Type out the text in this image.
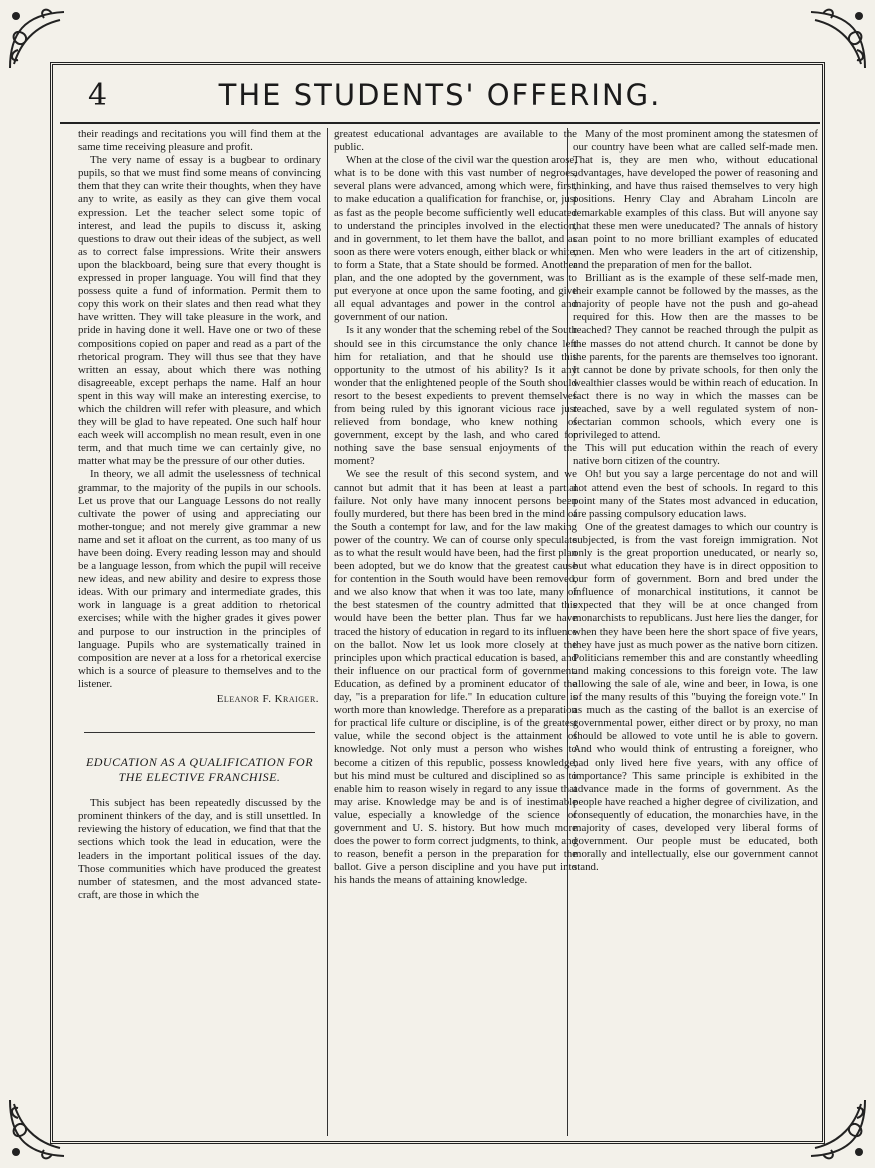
4	THE STUDENTS' OFFERING.

their readings and recitations you will find them at the same time receiving pleasure and profit.

The very name of essay is a bugbear to ordinary pupils, so that we must find some means of convincing them that they can write their thoughts, when they have any to write, as easily as they can give them vocal expression. Let the teacher select some topic of interest, and lead the pupils to discuss it, asking questions to draw out their ideas of the subject, as well as to correct false impressions. Write their answers upon the blackboard, being sure that every thought is expressed in proper language. You will find that they possess quite a fund of information. Permit them to copy this work on their slates and then read what they have written. They will take pleasure in the work, and pride in having done it well. Have one or two of these compositions copied on paper and read as a part of the rhetorical program. They will thus see that they have written an essay, about which there was nothing disagreeable, except perhaps the name. Half an hour spent in this way will make an interesting exercise, to which the children will refer with pleasure, and which they will be glad to have repeated. One such half hour each week will accomplish no mean result, even in one term, and that much time we can certainly give, no matter what may be the pressure of our other duties.

In theory, we all admit the uselessness of technical grammar, to the majority of the pupils in our schools. Let us prove that our Language Lessons do not really cultivate the power of using and appreciating our mother-tongue; and not merely give grammar a new name and set it afloat on the current, as too many of us have been doing. Every reading lesson may and should be a language lesson, from which the pupil will receive new ideas, and new ability and desire to express those ideas. With our primary and intermediate grades, this work in language is a great addition to rhetorical exercises; while with the higher grades it gives power and purpose to our instruction in the principles of language. Pupils who are systematically trained in composition are never at a loss for a rhetorical exercise which is a source of pleasure to themselves and to the listener.

Eleanor F. Kraiger.
EDUCATION AS A QUALIFICATION FOR THE ELECTIVE FRANCHISE.

This subject has been repeatedly discussed by the prominent thinkers of the day, and is still unsettled. In reviewing the history of education, we find that that the sections which took the lead in education, were the leaders in the important political issues of the day. Those communities which have produced the greatest number of statesmen, and the most advanced state-craft, are those in which the

greatest educational advantages are available to the public.

When at the close of the civil war the question arose, what is to be done with this vast number of negroes, several plans were advanced, among which were, first, to make education a qualification for franchise, or, just as fast as the people become sufficiently well educated to understand the principles involved in the election, and in government, to let them have the ballot, and as soon as there were voters enough, either black or white, to form a State, that a State should be formed. Another plan, and the one adopted by the government, was to put everyone at once upon the same footing, and give all equal advantages and power in the control and government of our nation.

Is it any wonder that the scheming rebel of the South should see in this circumstance the only chance left him for retaliation, and that he should use this opportunity to the utmost of his ability? Is it any wonder that the enlightened people of the South should resort to the besest expedients to prevent themselves from being ruled by this ignorant vicious race just relieved from bondage, who knew nothing of government, except by the lash, and who cared for nothing save the base sensual enjoyments of the moment?

We see the result of this second system, and we cannot but admit that it has been at least a partial failure. Not only have many innocent persons been foully murdered, but there has been bred in the mind of the South a contempt for law, and for the law making power of the country. We can of course only speculate as to what the result would have been, had the first plan been adopted, but we do know that the greatest cause for contention in the South would have been removed, and we also know that when it was too late, many of the best statesmen of the country admitted that this would have been the better plan. Thus far we have traced the history of education in regard to its influence on the ballot. Now let us look more closely at the principles upon which practical education is based, and their influence on our practical form of government. Education, as defined by a prominent educator of the day, "is a preparation for life." In education culture is worth more than knowledge. Therefore as a preparation for practical life culture or discipline, is of the greatest value, while the second object is the attainment of knowledge. Not only must a person who wishes to become a citizen of this republic, possess knowledge, but his mind must be cultured and disciplined so as to enable him to reason wisely in regard to any issue that may arise. Knowledge may be and is of inestimable value, especially a knowledge of the science of government and U. S. history. But how much more does the power to form correct judgments, to think, and to reason, benefit a person in the preparation for the ballot. Give a person discipline and you have put into his hands the means of attaining knowledge.

Many of the most prominent among the statesmen of our country have been what are called self-made men. That is, they are men who, without educational advantages, have developed the power of reasoning and thinking, and have thus raised themselves to very high positions. Henry Clay and Abraham Lincoln are remarkable examples of this class. But will anyone say that these men were uneducated? The annals of history can point to no more brilliant examples of educated men. Men who were leaders in the art of citizenship, and the preparation of men for the ballot.

Brilliant as is the example of these self-made men, their example cannot be followed by the masses, as the majority of people have not the push and go-ahead required for this. How then are the masses to be reached? They cannot be reached through the pulpit as the masses do not attend church. It cannot be done by the parents, for the parents are themselves too ignorant. It cannot be done by private schools, for then only the wealthier classes would be within reach of education. In fact there is no way in which the masses can be reached, save by a well regulated system of non-sectarian common schools, which every one is privileged to attend.

This will put education within the reach of every native born citizen of the country.

Oh! but you say a large percentage do not and will not attend even the best of schools. In regard to this point many of the States most advanced in education, are passing compulsory education laws.

One of the greatest damages to which our country is subjected, is from the vast foreign immigration. Not only is the great proportion uneducated, or nearly so, but what education they have is in direct opposition to our form of government. Born and bred under the influence of monarchical institutions, it cannot be expected that they will be at once changed from monarchists to republicans. Just here lies the danger, for when they have been here the short space of five years, they have just as much power as the native born citizen. Politicians remember this and are constantly wheedling and making concessions to this foreign vote. The law allowing the sale of ale, wine and beer, in Iowa, is one of the many results of this "buying the foreign vote." In as much as the casting of the ballot is an exercise of governmental power, either direct or by proxy, no man should be allowed to vote until he is able to govern. And who would think of entrusting a foreigner, who had only lived here five years, with any office of importance? This same principle is exhibited in the advance made in the forms of government. As the people have reached a higher degree of civilization, and consequently of education, the monarchies have, in the majority of cases, developed very liberal forms of government. Our people must be educated, both morally and intellectually, else our government cannot stand.
